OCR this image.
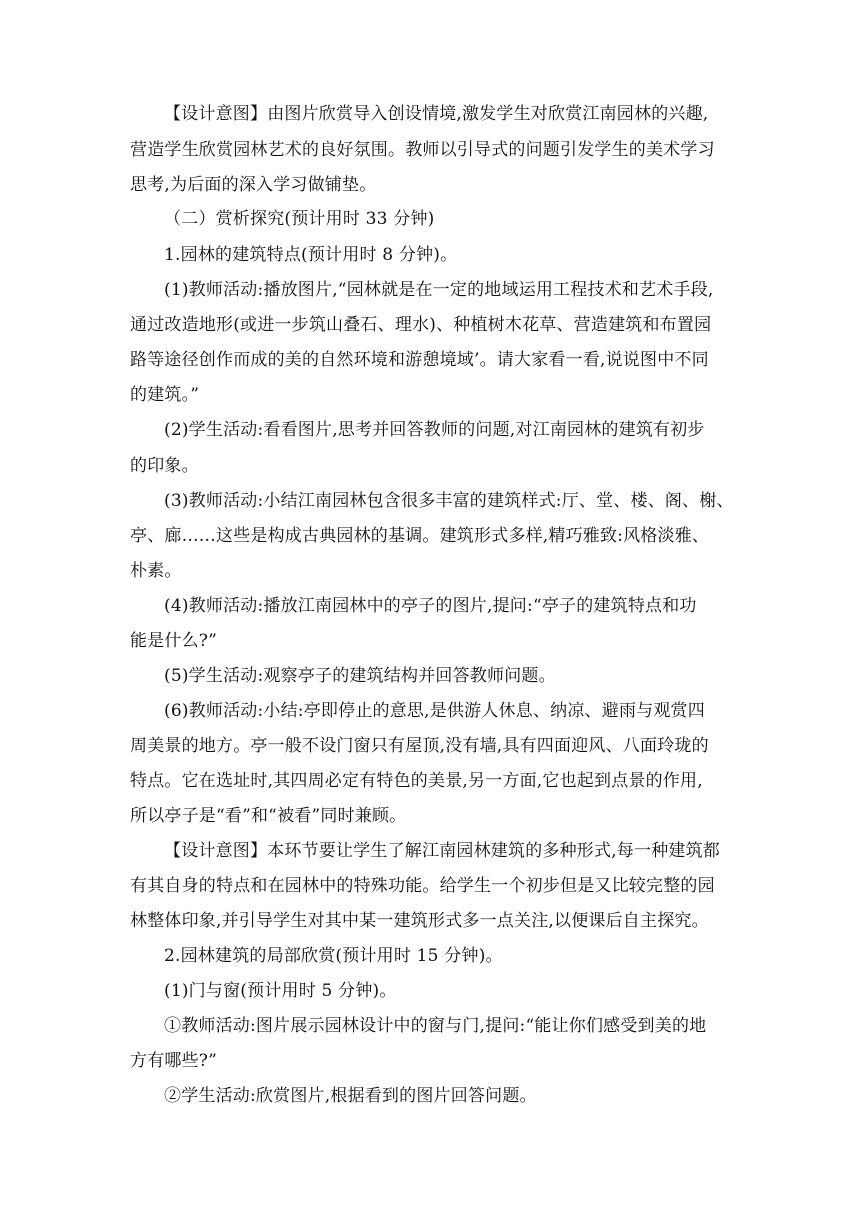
【设计意图】由图片欣赏导入创设情境,激发学生对欣赏江南园林的兴趣,
营造学生欣赏园林艺术的良好氛围。教师以引导式的问题引发学生的美术学习
思考,为后面的深入学习做铺垫。
（二）赏析探究(预计用时 33 分钟)
1.园林的建筑特点(预计用时 8 分钟)。
(1)教师活动:播放图片,“园林就是在一定的地域运用工程技术和艺术手段,
通过改造地形(或进一步筑山叠石、理水)、种植树木花草、营造建筑和布置园
路等途径创作而成的美的自然环境和游憩境域’。请大家看一看,说说图中不同
的建筑。”
(2)学生活动:看看图片,思考并回答教师的问题,对江南园林的建筑有初步
的印象。
(3)教师活动:小结江南园林包含很多丰富的建筑样式:厅、堂、楼、阁、榭、
亭、廊……这些是构成古典园林的基调。建筑形式多样,精巧雅致:风格淡雅、
朴素。
(4)教师活动:播放江南园林中的亭子的图片,提问:“亭子的建筑特点和功
能是什么?”
(5)学生活动:观察亭子的建筑结构并回答教师问题。
(6)教师活动:小结:亭即停止的意思,是供游人休息、纳凉、避雨与观赏四
周美景的地方。亭一般不设门窗只有屋顶,没有墙,具有四面迎风、八面玲珑的
特点。它在选址时,其四周必定有特色的美景,另一方面,它也起到点景的作用,
所以亭子是“看”和“被看”同时兼顾。
【设计意图】本环节要让学生了解江南园林建筑的多种形式,每一种建筑都
有其自身的特点和在园林中的特殊功能。给学生一个初步但是又比较完整的园
林整体印象,并引导学生对其中某一建筑形式多一点关注,以便课后自主探究。
2.园林建筑的局部欣赏(预计用时 15 分钟)。
(1)门与窗(预计用时 5 分钟)。
①教师活动:图片展示园林设计中的窗与门,提问:“能让你们感受到美的地
方有哪些?”
②学生活动:欣赏图片,根据看到的图片回答问题。
